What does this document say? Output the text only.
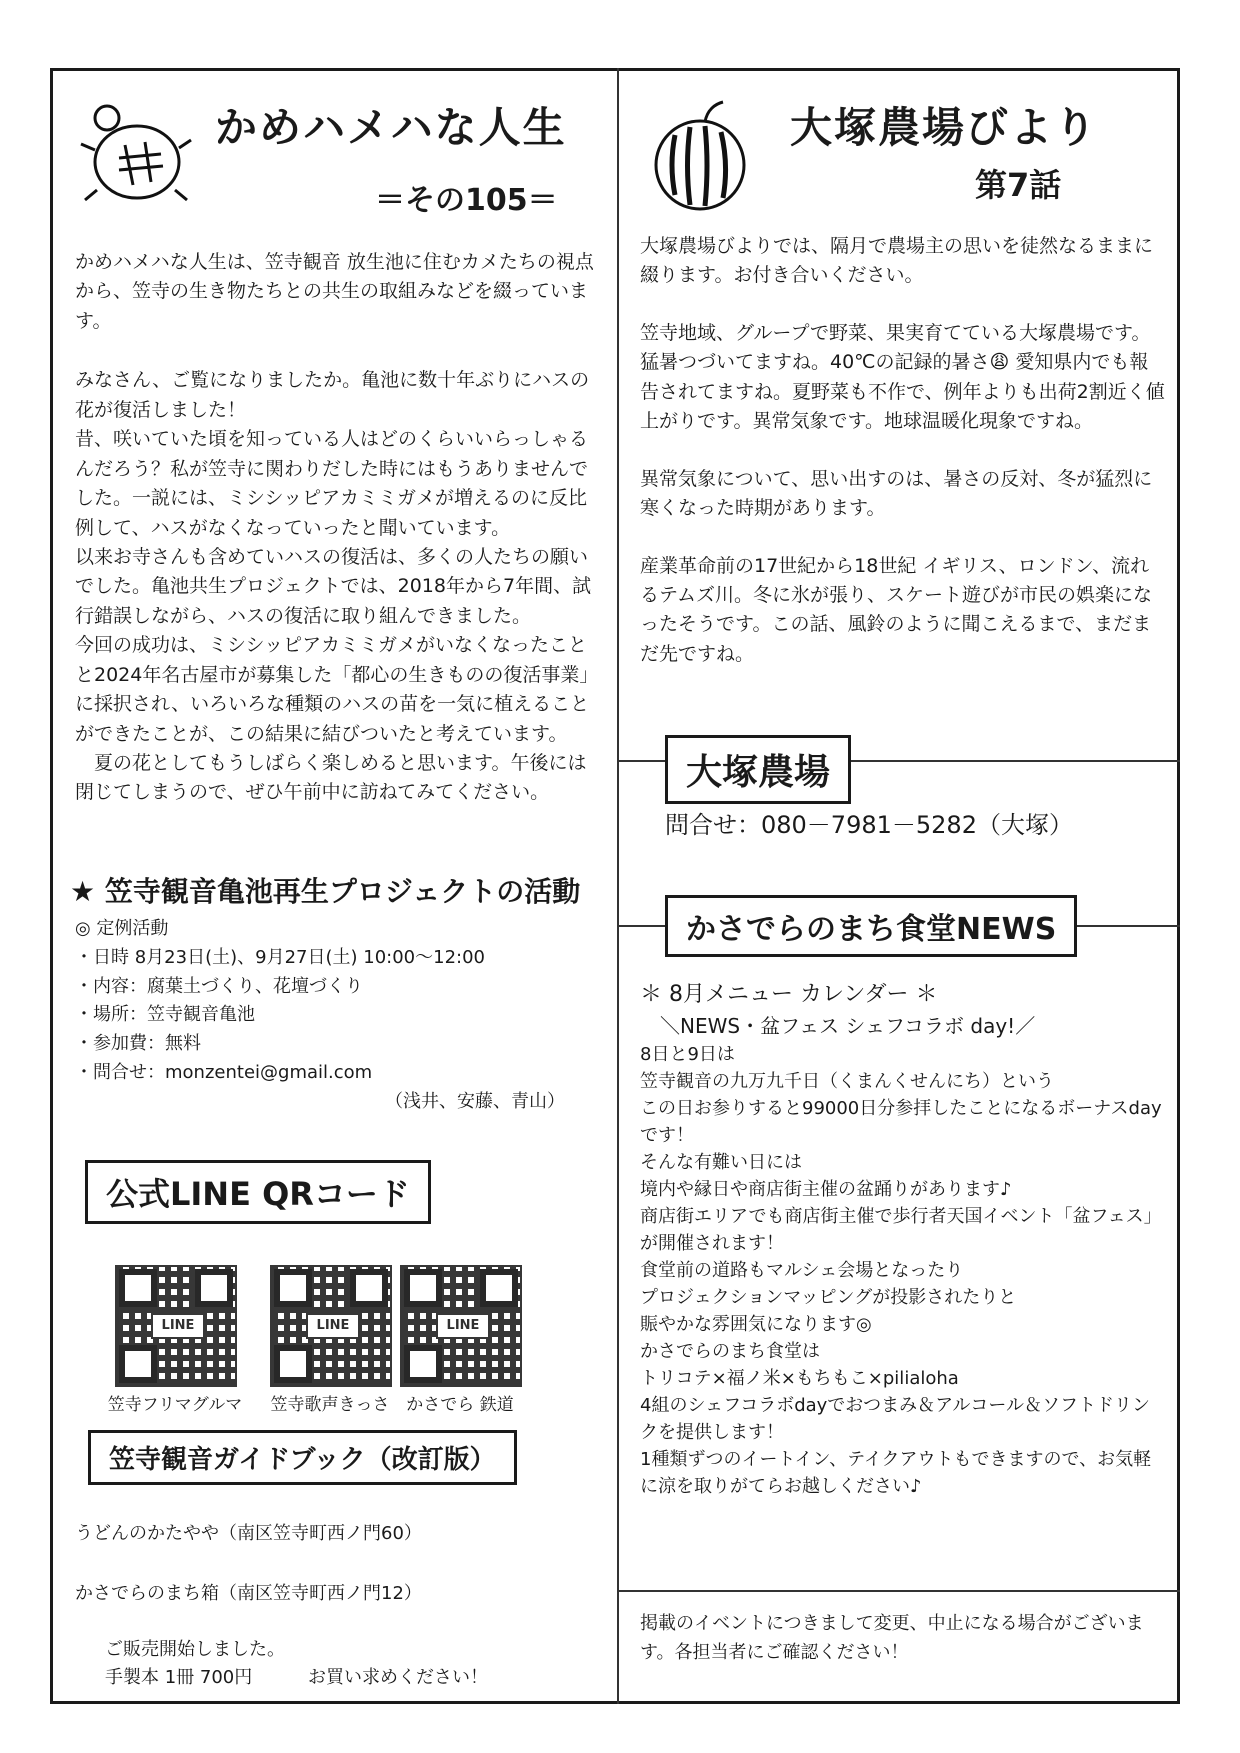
かめハメハな人生
＝その105＝

かめハメハな人生は、笠寺観音 放生池に住むカメたちの視点から、笠寺の生き物たちとの共生の取組みなどを綴っています。

みなさん、ご覧になりましたか。亀池に数十年ぶりにハスの花が復活しました！

昔、咲いていた頃を知っている人はどのくらいいらっしゃるんだろう？私が笠寺に関わりだした時にはもうありませんでした。一説には、ミシシッピアカミミガメが増えるのに反比例して、ハスがなくなっていったと聞いています。

以来お寺さんも含めていハスの復活は、多くの人たちの願いでした。亀池共生プロジェクトでは、2018年から7年間、試行錯誤しながら、ハスの復活に取り組んできました。

今回の成功は、ミシシッピアカミミガメがいなくなったことと2024年名古屋市が募集した「都心の生きものの復活事業」に採択され、いろいろな種類のハスの苗を一気に植えることができたことが、この結果に結びついたと考えています。

夏の花としてもうしばらく楽しめると思います。午後には閉じてしまうので、ぜひ午前中に訪ねてみてください。

★ 笠寺観音亀池再生プロジェクトの活動

◎ 定例活動

・日時 8月23日(土)、9月27日(土) 10:00～12:00

・内容：腐葉土づくり、花壇づくり

・場所：笠寺観音亀池

・参加費：無料

・問合せ：monzentei@gmail.com

（浅井、安藤、青山）

公式LINE QRコード
LINE	LINE	LINE
笠寺フリマグルマ	笠寺歌声きっさ かさでら 鉄道
笠寺観音ガイドブック（改訂版）

うどんのかたやや（南区笠寺町西ノ門60）

かさでらのまち箱（南区笠寺町西ノ門12）

ご販売開始しました。

手製本 1冊 700円	お買い求めください！

大塚農場びより
第7話

大塚農場びよりでは、隔月で農場主の思いを徒然なるままに綴ります。お付き合いください。

笠寺地域、グループで野菜、果実育てている大塚農場です。猛暑つづいてますね。40℃の記録的暑さ😩 愛知県内でも報告されてますね。夏野菜も不作で、例年よりも出荷2割近く値上がりです。異常気象です。地球温暖化現象ですね。

異常気象について、思い出すのは、暑さの反対、冬が猛烈に寒くなった時期があります。

産業革命前の17世紀から18世紀 イギリス、ロンドン、流れるテムズ川。冬に氷が張り、スケート遊びが市民の娯楽になったそうです。この話、風鈴のように聞こえるまで、まだまだ先ですね。

大塚農場
問合せ：080－7981－5282（大塚）
かさでらのまち食堂NEWS

＊ 8月メニュー カレンダー ＊

＼NEWS・盆フェス シェフコラボ day!／

8日と9日は

笠寺観音の九万九千日（くまんくせんにち）という

この日お参りすると99000日分参拝したことになるボーナスdayです！

そんな有難い日には

境内や縁日や商店街主催の盆踊りがあります♪

商店街エリアでも商店街主催で歩行者天国イベント「盆フェス」が開催されます！

食堂前の道路もマルシェ会場となったり

プロジェクションマッピングが投影されたりと

賑やかな雰囲気になります◎

かさでらのまち食堂は

トリコテ×福ノ米×もちもこ×pilialoha

4組のシェフコラボdayでおつまみ＆アルコール＆ソフトドリンクを提供します！

1種類ずつのイートイン、テイクアウトもできますので、お気軽に涼を取りがてらお越しください♪

掲載のイベントにつきまして変更、中止になる場合がございます。各担当者にご確認ください！
